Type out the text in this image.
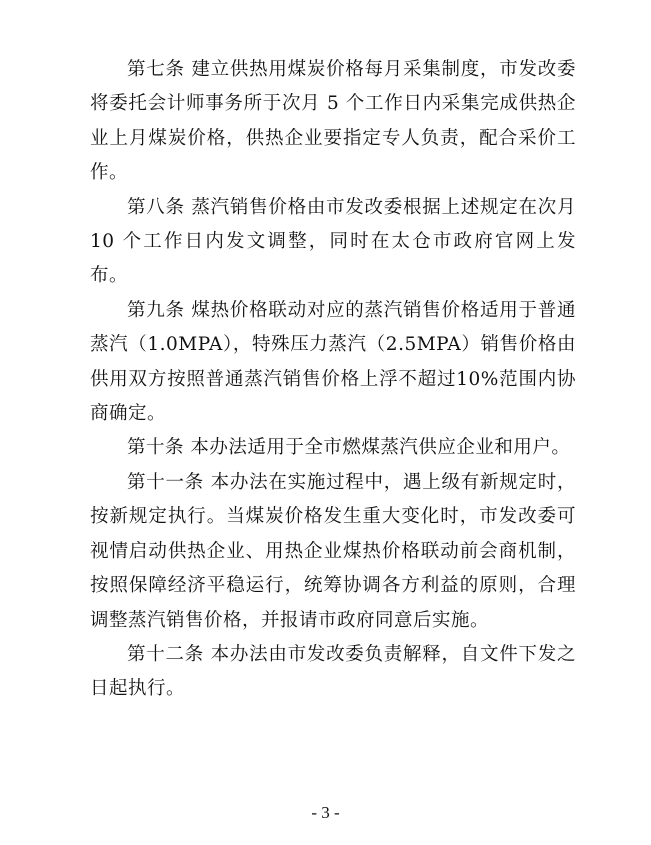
第七条 建立供热用煤炭价格每月采集制度，市发改委将委托会计师事务所于次月 5 个工作日内采集完成供热企业上月煤炭价格，供热企业要指定专人负责，配合采价工作。

第八条 蒸汽销售价格由市发改委根据上述规定在次月 10 个工作日内发文调整，同时在太仓市政府官网上发布。

第九条 煤热价格联动对应的蒸汽销售价格适用于普通蒸汽（1.0MPA），特殊压力蒸汽（2.5MPA）销售价格由供用双方按照普通蒸汽销售价格上浮不超过10%范围内协商确定。

第十条 本办法适用于全市燃煤蒸汽供应企业和用户。

第十一条 本办法在实施过程中，遇上级有新规定时，按新规定执行。当煤炭价格发生重大变化时，市发改委可视情启动供热企业、用热企业煤热价格联动前会商机制，按照保障经济平稳运行，统筹协调各方利益的原则，合理调整蒸汽销售价格，并报请市政府同意后实施。

第十二条 本办法由市发改委负责解释，自文件下发之日起执行。

- 3 -
